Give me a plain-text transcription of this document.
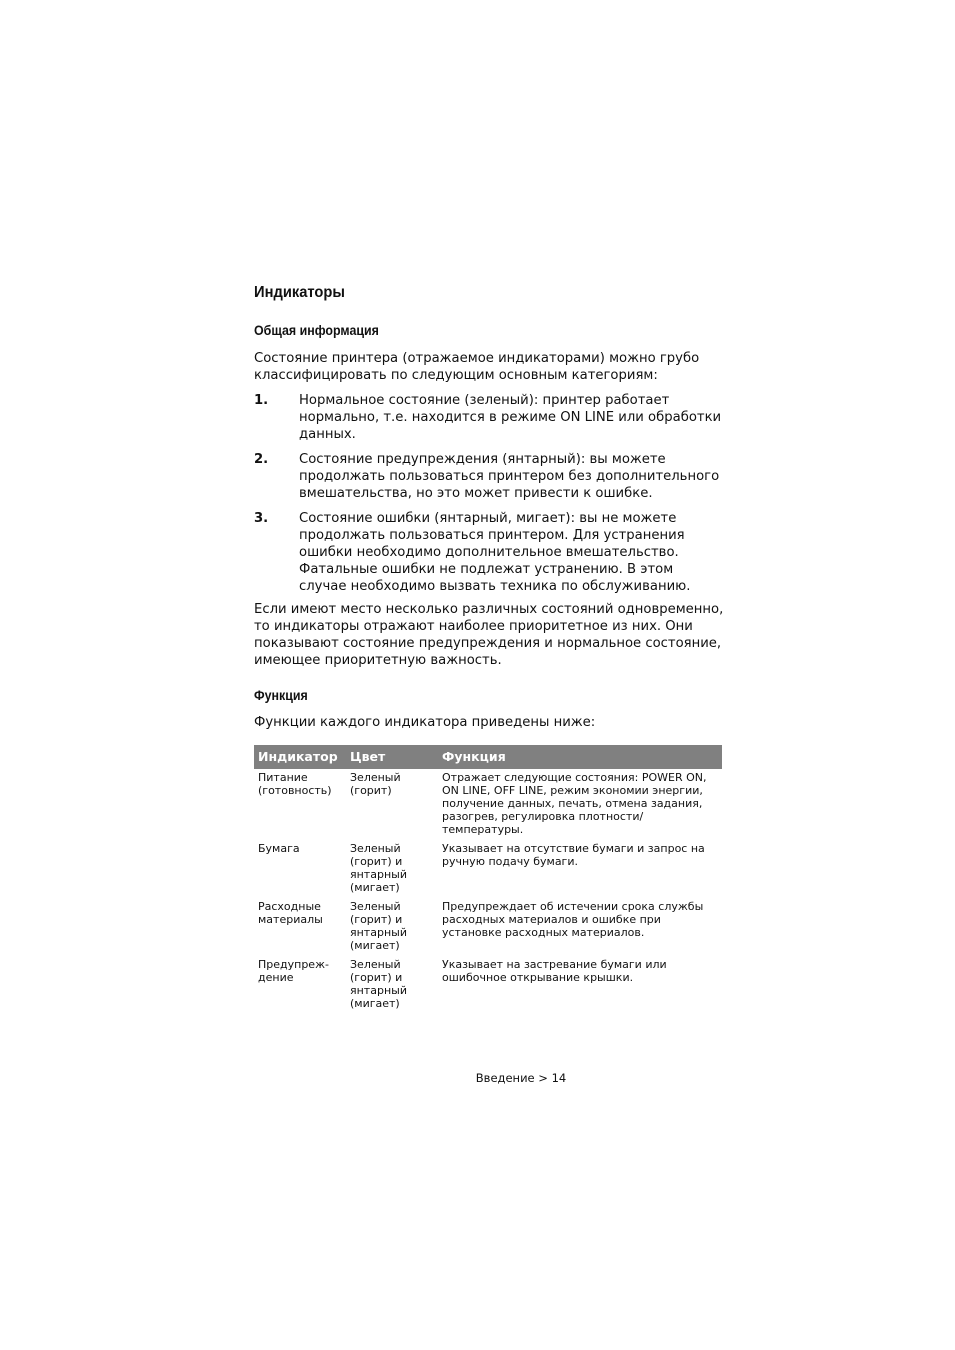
Индикаторы
Общая информация

Состояние принтера (отражаемое индикаторами) можно грубо классифицировать по следующим основным категориям:

1.	Нормальное состояние (зеленый): принтер работает нормально, т.е. находится в режиме ON LINE или обработки данных.
2.	Состояние предупреждения (янтарный): вы можете продолжать пользоваться принтером без дополнительного вмешательства, но это может привести к ошибке.
3.	Состояние ошибки (янтарный, мигает): вы не можете продолжать пользоваться принтером. Для устранения ошибки необходимо дополнительное вмешательство. Фатальные ошибки не подлежат устранению. В этом случае необходимо вызвать техника по обслуживанию.

Если имеют место несколько различных состояний одновременно, то индикаторы отражают наиболее приоритетное из них. Они показывают состояние предупреждения и нормальное состояние, имеющее приоритетную важность.

Функция

Функции каждого индикатора приведены ниже:

Индикатор	Цвет	Функция
Питание (готовность)	Зеленый (горит)	Отражает следующие состояния: POWER ON, ON LINE, OFF LINE, режим экономии энергии, получение данных, печать, отмена задания, разогрев, регулировка плотности/ температуры.
Бумага	Зеленый (горит) и янтарный (мигает)	Указывает на отсутствие бумаги и запрос на ручную подачу бумаги.
Расходные материалы	Зеленый (горит) и янтарный (мигает)	Предупреждает об истечении срока службы расходных материалов и ошибке при установке расходных материалов.
Предупреж- дение	Зеленый (горит) и янтарный (мигает)	Указывает на застревание бумаги или ошибочное открывание крышки.
Введение > 14
